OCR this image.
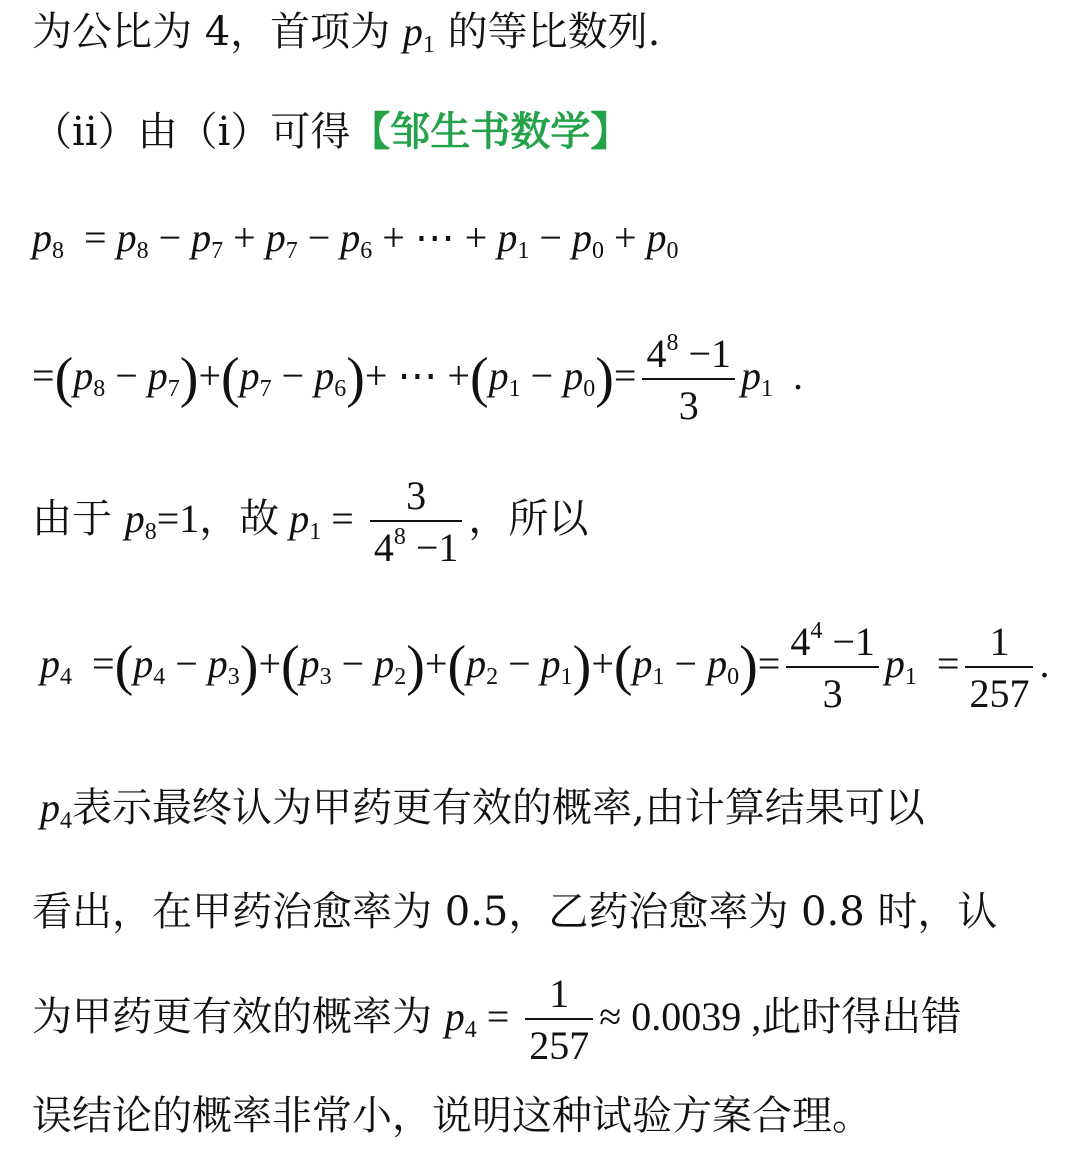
为公比为 4，首项为 p1 的等比数列.
（ii）由（i）可得【邹生书数学】
p8  = p8 − p7 + p7 − p6 + ⋯ + p1 − p0 + p0
=(p8 − p7)+(p7 − p6)+ ⋯ $+(p1 - p0)= \frac{4^8 -1}{3} p1$  .
由于 p8=1，故 $p1 = \frac{3}{4^8 -1}$ ，所以
$p4 =(p4 - p3)+(p3 - p2)+(p2 - p1)+(p1 - p0)= \frac{4^4 -1}{3} p1 = \frac{1}{257}$ .
p4表示最终认为甲药更有效的概率,由计算结果可以
看出，在甲药治愈率为 0.5，乙药治愈率为 0.8 时，认
为甲药更有效的概率为 $p4 = \frac{1}{257} \approx 0.0039$ ,此时得出错
误结论的概率非常小，说明这种试验方案合理。
